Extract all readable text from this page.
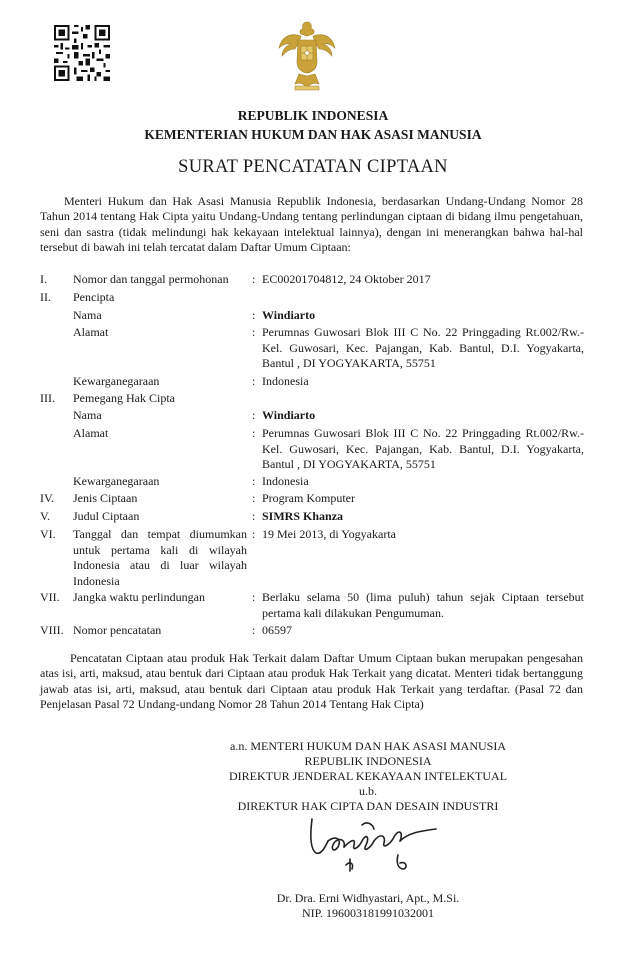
REPUBLIK INDONESIA
KEMENTERIAN HUKUM DAN HAK ASASI MANUSIA
SURAT PENCATATAN CIPTAAN
Menteri Hukum dan Hak Asasi Manusia Republik Indonesia, berdasarkan Undang-Undang Nomor 28 Tahun 2014 tentang Hak Cipta yaitu Undang-Undang tentang perlindungan ciptaan di bidang ilmu pengetahuan, seni dan sastra (tidak melindungi hak kekayaan intelektual lainnya), dengan ini menerangkan bahwa hal-hal tersebut di bawah ini telah tercatat dalam Daftar Umum Ciptaan:
I. Nomor dan tanggal permohonan : EC00201704812, 24 Oktober 2017
II. Pencipta
Nama	: Windiarto
Alamat	: Perumnas Guwosari Blok III C No. 22 Pringgading Rt.002/Rw.- Kel. Guwosari, Kec. Pajangan, Kab. Bantul, D.I. Yogyakarta, Bantul , DI YOGYAKARTA, 55751
Kewarganegaraan	: Indonesia
III. Pemegang Hak Cipta
Nama	: Windiarto
Alamat	: Perumnas Guwosari Blok III C No. 22 Pringgading Rt.002/Rw.- Kel. Guwosari, Kec. Pajangan, Kab. Bantul, D.I. Yogyakarta, Bantul , DI YOGYAKARTA, 55751
Kewarganegaraan	: Indonesia
IV. Jenis Ciptaan	: Program Komputer
V. Judul Ciptaan	: SIMRS Khanza
VI. Tanggal dan tempat diumumkan untuk pertama kali di wilayah Indonesia atau di luar wilayah Indonesia
: 19 Mei 2013, di Yogyakarta
VII. Jangka waktu perlindungan	: Berlaku selama 50 (lima puluh) tahun sejak Ciptaan tersebut pertama kali dilakukan Pengumuman.
VIII. Nomor pencatatan	: 06597
Pencatatan Ciptaan atau produk Hak Terkait dalam Daftar Umum Ciptaan bukan merupakan pengesahan atas isi, arti, maksud, atau bentuk dari Ciptaan atau produk Hak Terkait yang dicatat. Menteri tidak bertanggung jawab atas isi, arti, maksud, atau bentuk dari Ciptaan atau produk Hak Terkait yang terdaftar. (Pasal 72 dan Penjelasan Pasal 72 Undang-undang Nomor 28 Tahun 2014 Tentang Hak Cipta)
a.n. MENTERI HUKUM DAN HAK ASASI MANUSIA
REPUBLIK INDONESIA
DIREKTUR JENDERAL KEKAYAAN INTELEKTUAL
u.b.
DIREKTUR HAK CIPTA DAN DESAIN INDUSTRI
Dr. Dra. Erni Widhyastari, Apt., M.Si.
NIP. 196003181991032001
